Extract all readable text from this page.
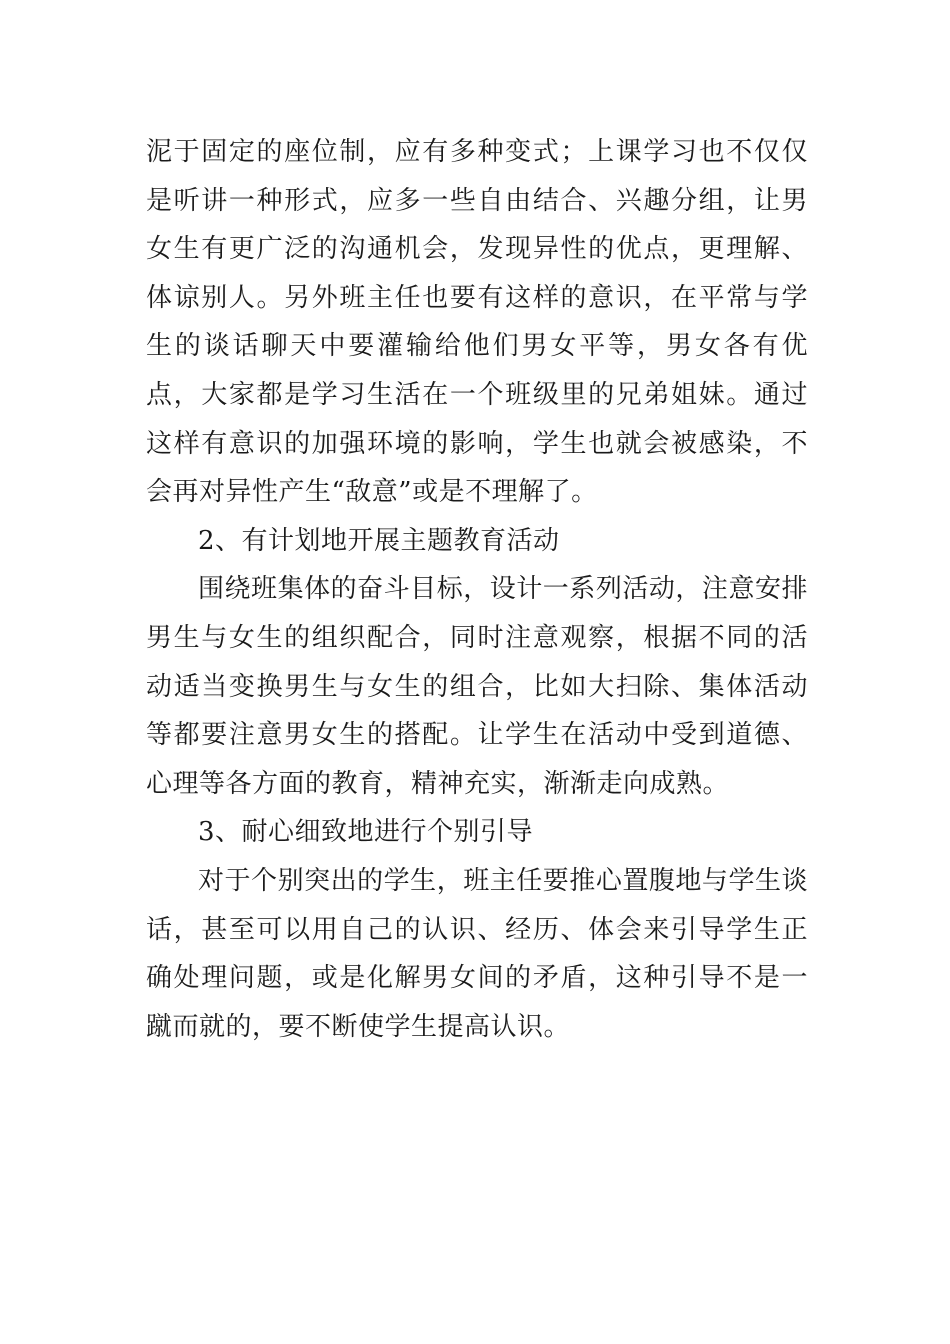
泥于固定的座位制，应有多种变式；上课学习也不仅仅是听讲一种形式，应多一些自由结合、兴趣分组，让男女生有更广泛的沟通机会，发现异性的优点，更理解、体谅别人。另外班主任也要有这样的意识，在平常与学生的谈话聊天中要灌输给他们男女平等，男女各有优点，大家都是学习生活在一个班级里的兄弟姐妹。通过这样有意识的加强环境的影响，学生也就会被感染，不会再对异性产生“敌意”或是不理解了。

2、有计划地开展主题教育活动

围绕班集体的奋斗目标，设计一系列活动，注意安排男生与女生的组织配合，同时注意观察，根据不同的活动适当变换男生与女生的组合，比如大扫除、集体活动等都要注意男女生的搭配。让学生在活动中受到道德、心理等各方面的教育，精神充实，渐渐走向成熟。

3、耐心细致地进行个别引导

对于个别突出的学生，班主任要推心置腹地与学生谈话，甚至可以用自己的认识、经历、体会来引导学生正确处理问题，或是化解男女间的矛盾，这种引导不是一蹴而就的，要不断使学生提高认识。
